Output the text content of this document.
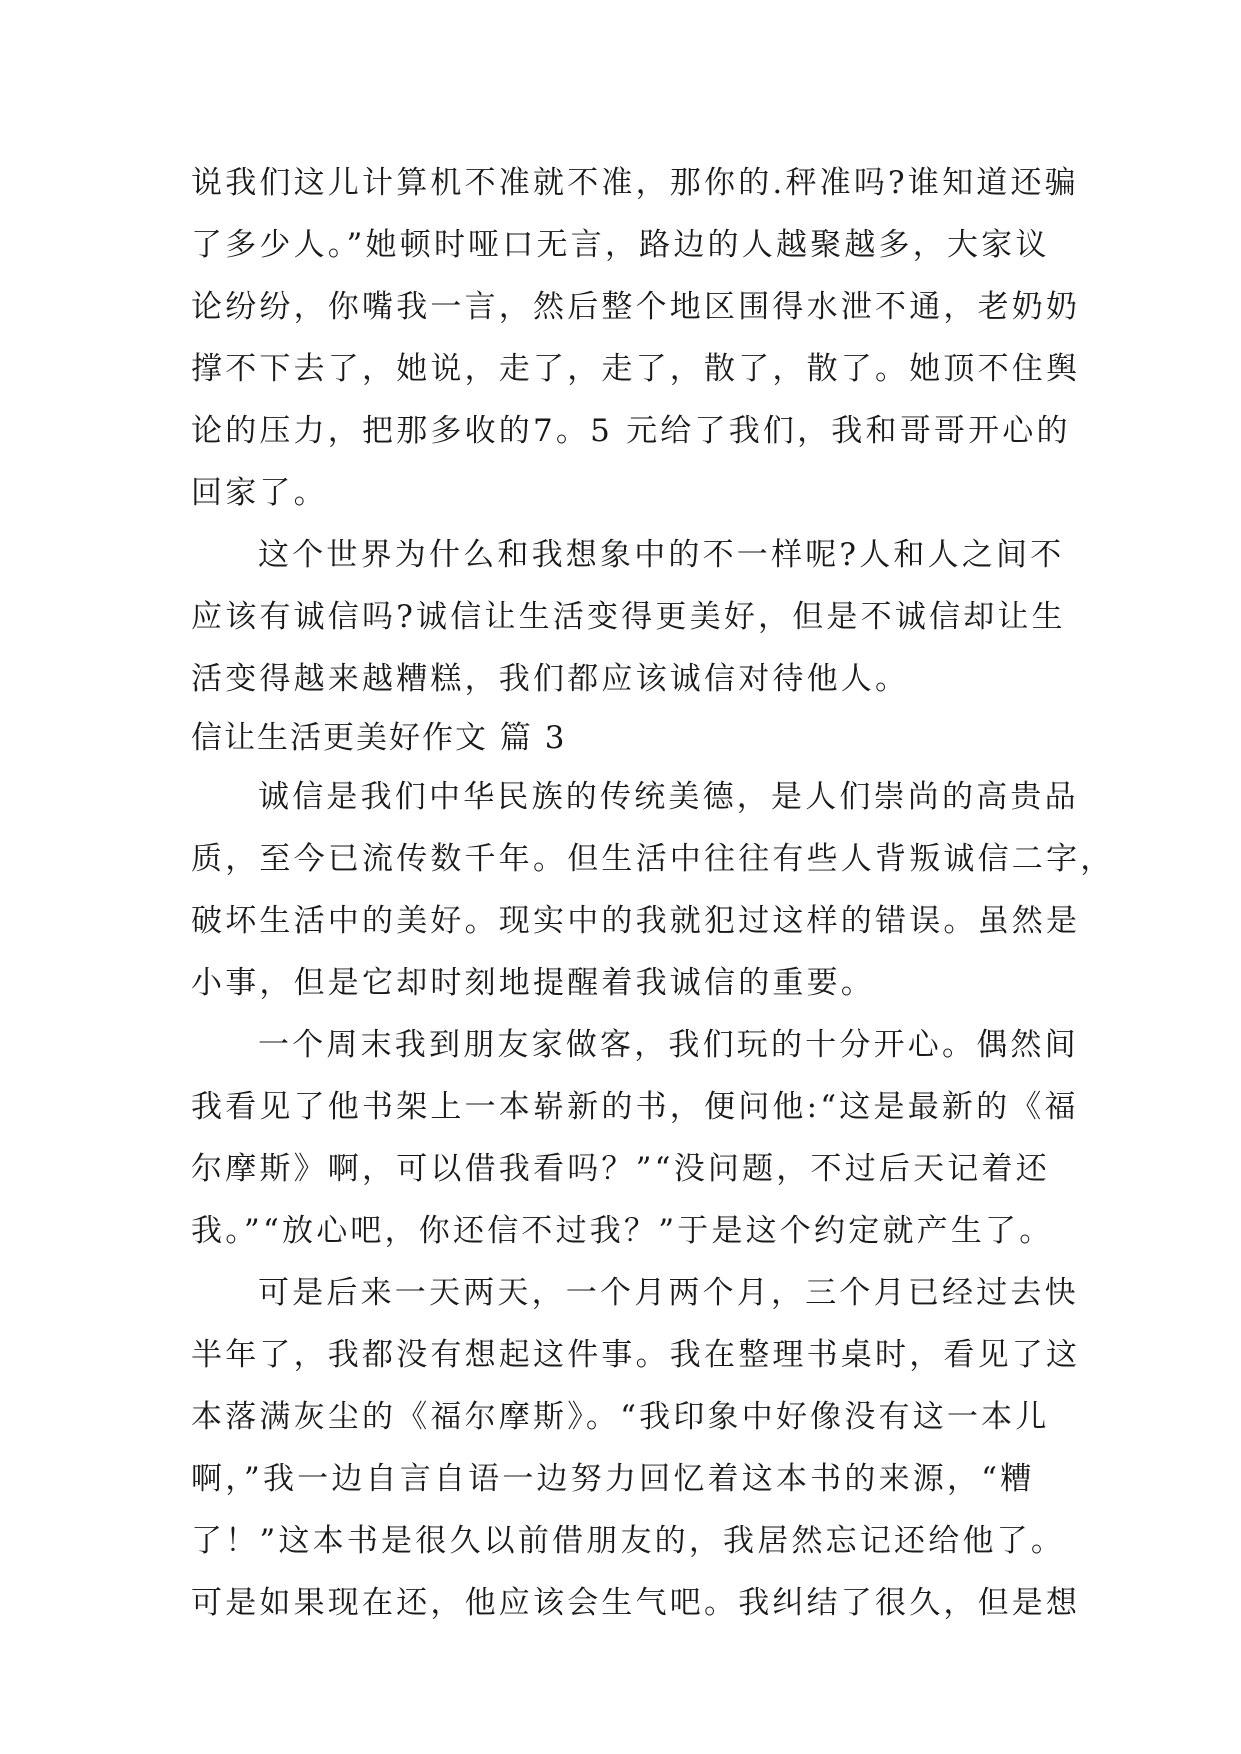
说我们这儿计算机不准就不准，那你的.秤准吗?谁知道还骗
了多少人。”她顿时哑口无言，路边的人越聚越多，大家议
论纷纷，你嘴我一言，然后整个地区围得水泄不通，老奶奶
撑不下去了，她说，走了，走了，散了，散了。她顶不住舆
论的压力，把那多收的7。5 元给了我们，我和哥哥开心的
回家了。
这个世界为什么和我想象中的不一样呢?人和人之间不
应该有诚信吗?诚信让生活变得更美好，但是不诚信却让生
活变得越来越糟糕，我们都应该诚信对待他人。
信让生活更美好作文 篇 3
诚信是我们中华民族的传统美德，是人们崇尚的高贵品
质，至今已流传数千年。但生活中往往有些人背叛诚信二字，
破坏生活中的美好。现实中的我就犯过这样的错误。虽然是
小事，但是它却时刻地提醒着我诚信的重要。
一个周末我到朋友家做客，我们玩的十分开心。偶然间
我看见了他书架上一本崭新的书，便问他:“这是最新的《福
尔摩斯》啊，可以借我看吗？”“没问题，不过后天记着还
我。”“放心吧，你还信不过我？”于是这个约定就产生了。
可是后来一天两天，一个月两个月，三个月已经过去快
半年了，我都没有想起这件事。我在整理书桌时，看见了这
本落满灰尘的《福尔摩斯》。“我印象中好像没有这一本儿
啊，”我一边自言自语一边努力回忆着这本书的来源，“糟
了！”这本书是很久以前借朋友的，我居然忘记还给他了。
可是如果现在还，他应该会生气吧。我纠结了很久，但是想
